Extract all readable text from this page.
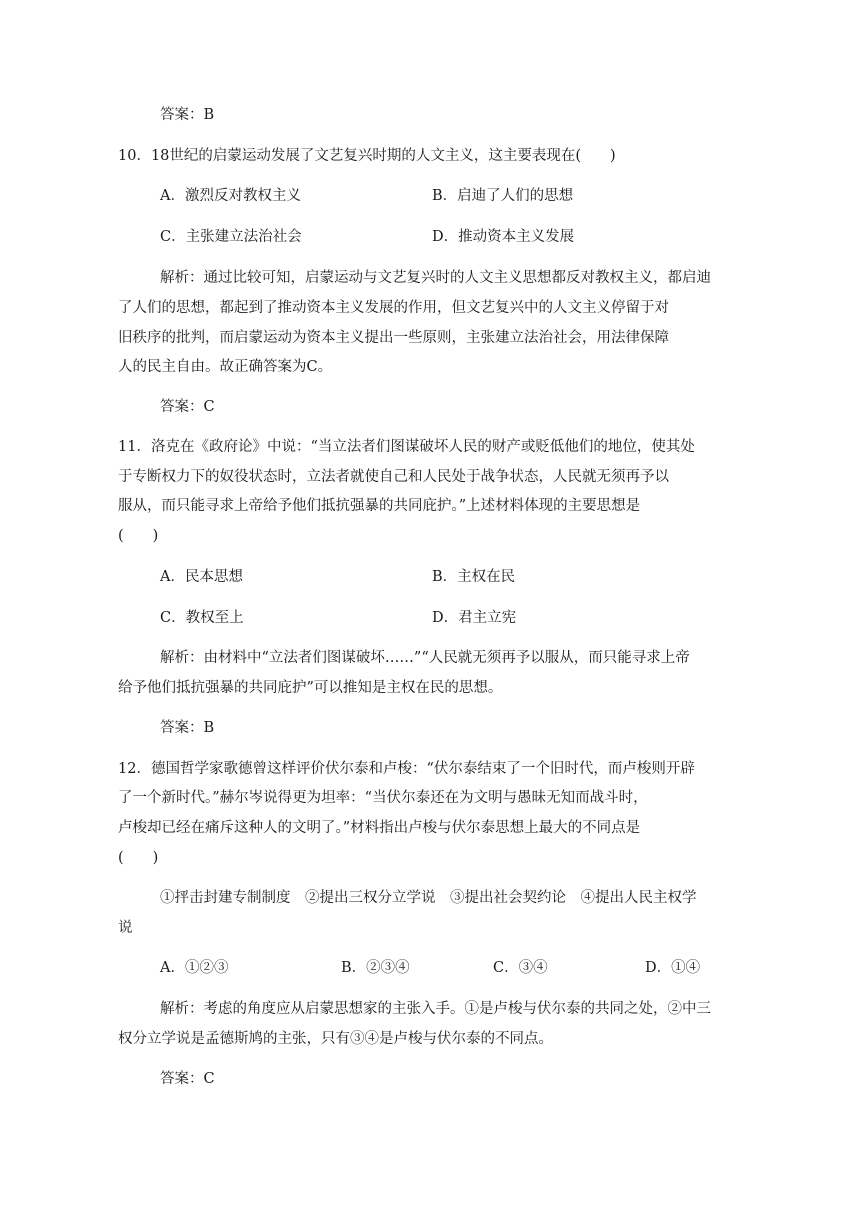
答案：B
10．18世纪的启蒙运动发展了文艺复兴时期的人文主义，这主要表现在(　　)
A．激烈反对教权主义	B．启迪了人们的思想
C．主张建立法治社会	D．推动资本主义发展
解析：通过比较可知，启蒙运动与文艺复兴时的人文主义思想都反对教权主义，都启迪
了人们的思想，都起到了推动资本主义发展的作用，但文艺复兴中的人文主义停留于对
旧秩序的批判，而启蒙运动为资本主义提出一些原则，主张建立法治社会，用法律保障
人的民主自由。故正确答案为C。
答案：C
11．洛克在《政府论》中说：“当立法者们图谋破坏人民的财产或贬低他们的地位，使其处
于专断权力下的奴役状态时，立法者就使自己和人民处于战争状态，人民就无须再予以
服从，而只能寻求上帝给予他们抵抗强暴的共同庇护。”上述材料体现的主要思想是
(　　)
A．民本思想	B．主权在民
C．教权至上	D．君主立宪
解析：由材料中“立法者们图谋破坏……”“人民就无须再予以服从，而只能寻求上帝
给予他们抵抗强暴的共同庇护”可以推知是主权在民的思想。
答案：B
12．德国哲学家歌德曾这样评价伏尔泰和卢梭：“伏尔泰结束了一个旧时代，而卢梭则开辟
了一个新时代。”赫尔岑说得更为坦率：“当伏尔泰还在为文明与愚昧无知而战斗时，
卢梭却已经在痛斥这种人的文明了。”材料指出卢梭与伏尔泰思想上最大的不同点是
(　　)
①抨击封建专制制度　②提出三权分立学说　③提出社会契约论　④提出人民主权学
说
A．①②③	B．②③④	C．③④	D．①④
解析：考虑的角度应从启蒙思想家的主张入手。①是卢梭与伏尔泰的共同之处，②中三
权分立学说是孟德斯鸠的主张，只有③④是卢梭与伏尔泰的不同点。
答案：C
